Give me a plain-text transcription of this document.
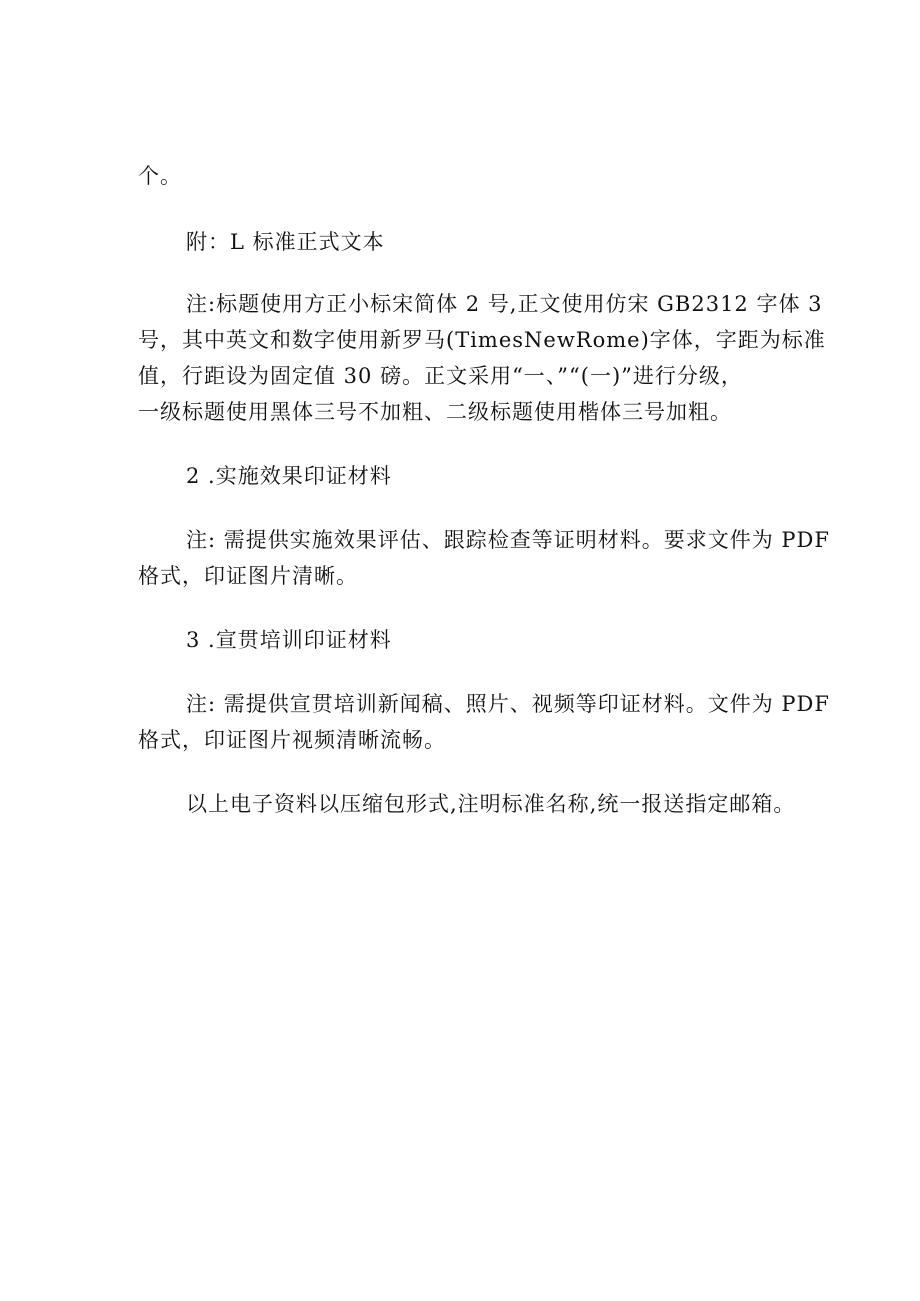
个。
附：L 标准正式文本
注:标题使用方正小标宋简体 2 号,正文使用仿宋 GB2312 字体 3
号，其中英文和数字使用新罗马(TimesNewRome)字体，字距为标准
值，行距设为固定值 30 磅。正文采用“一、”“(一)”进行分级，
一级标题使用黑体三号不加粗、二级标题使用楷体三号加粗。
2 .实施效果印证材料
注: 需提供实施效果评估、跟踪检查等证明材料。要求文件为 PDF
格式，印证图片清晰。
3 .宣贯培训印证材料
注: 需提供宣贯培训新闻稿、照片、视频等印证材料。文件为 PDF
格式，印证图片视频清晰流畅。
以上电子资料以压缩包形式,注明标准名称,统一报送指定邮箱。
